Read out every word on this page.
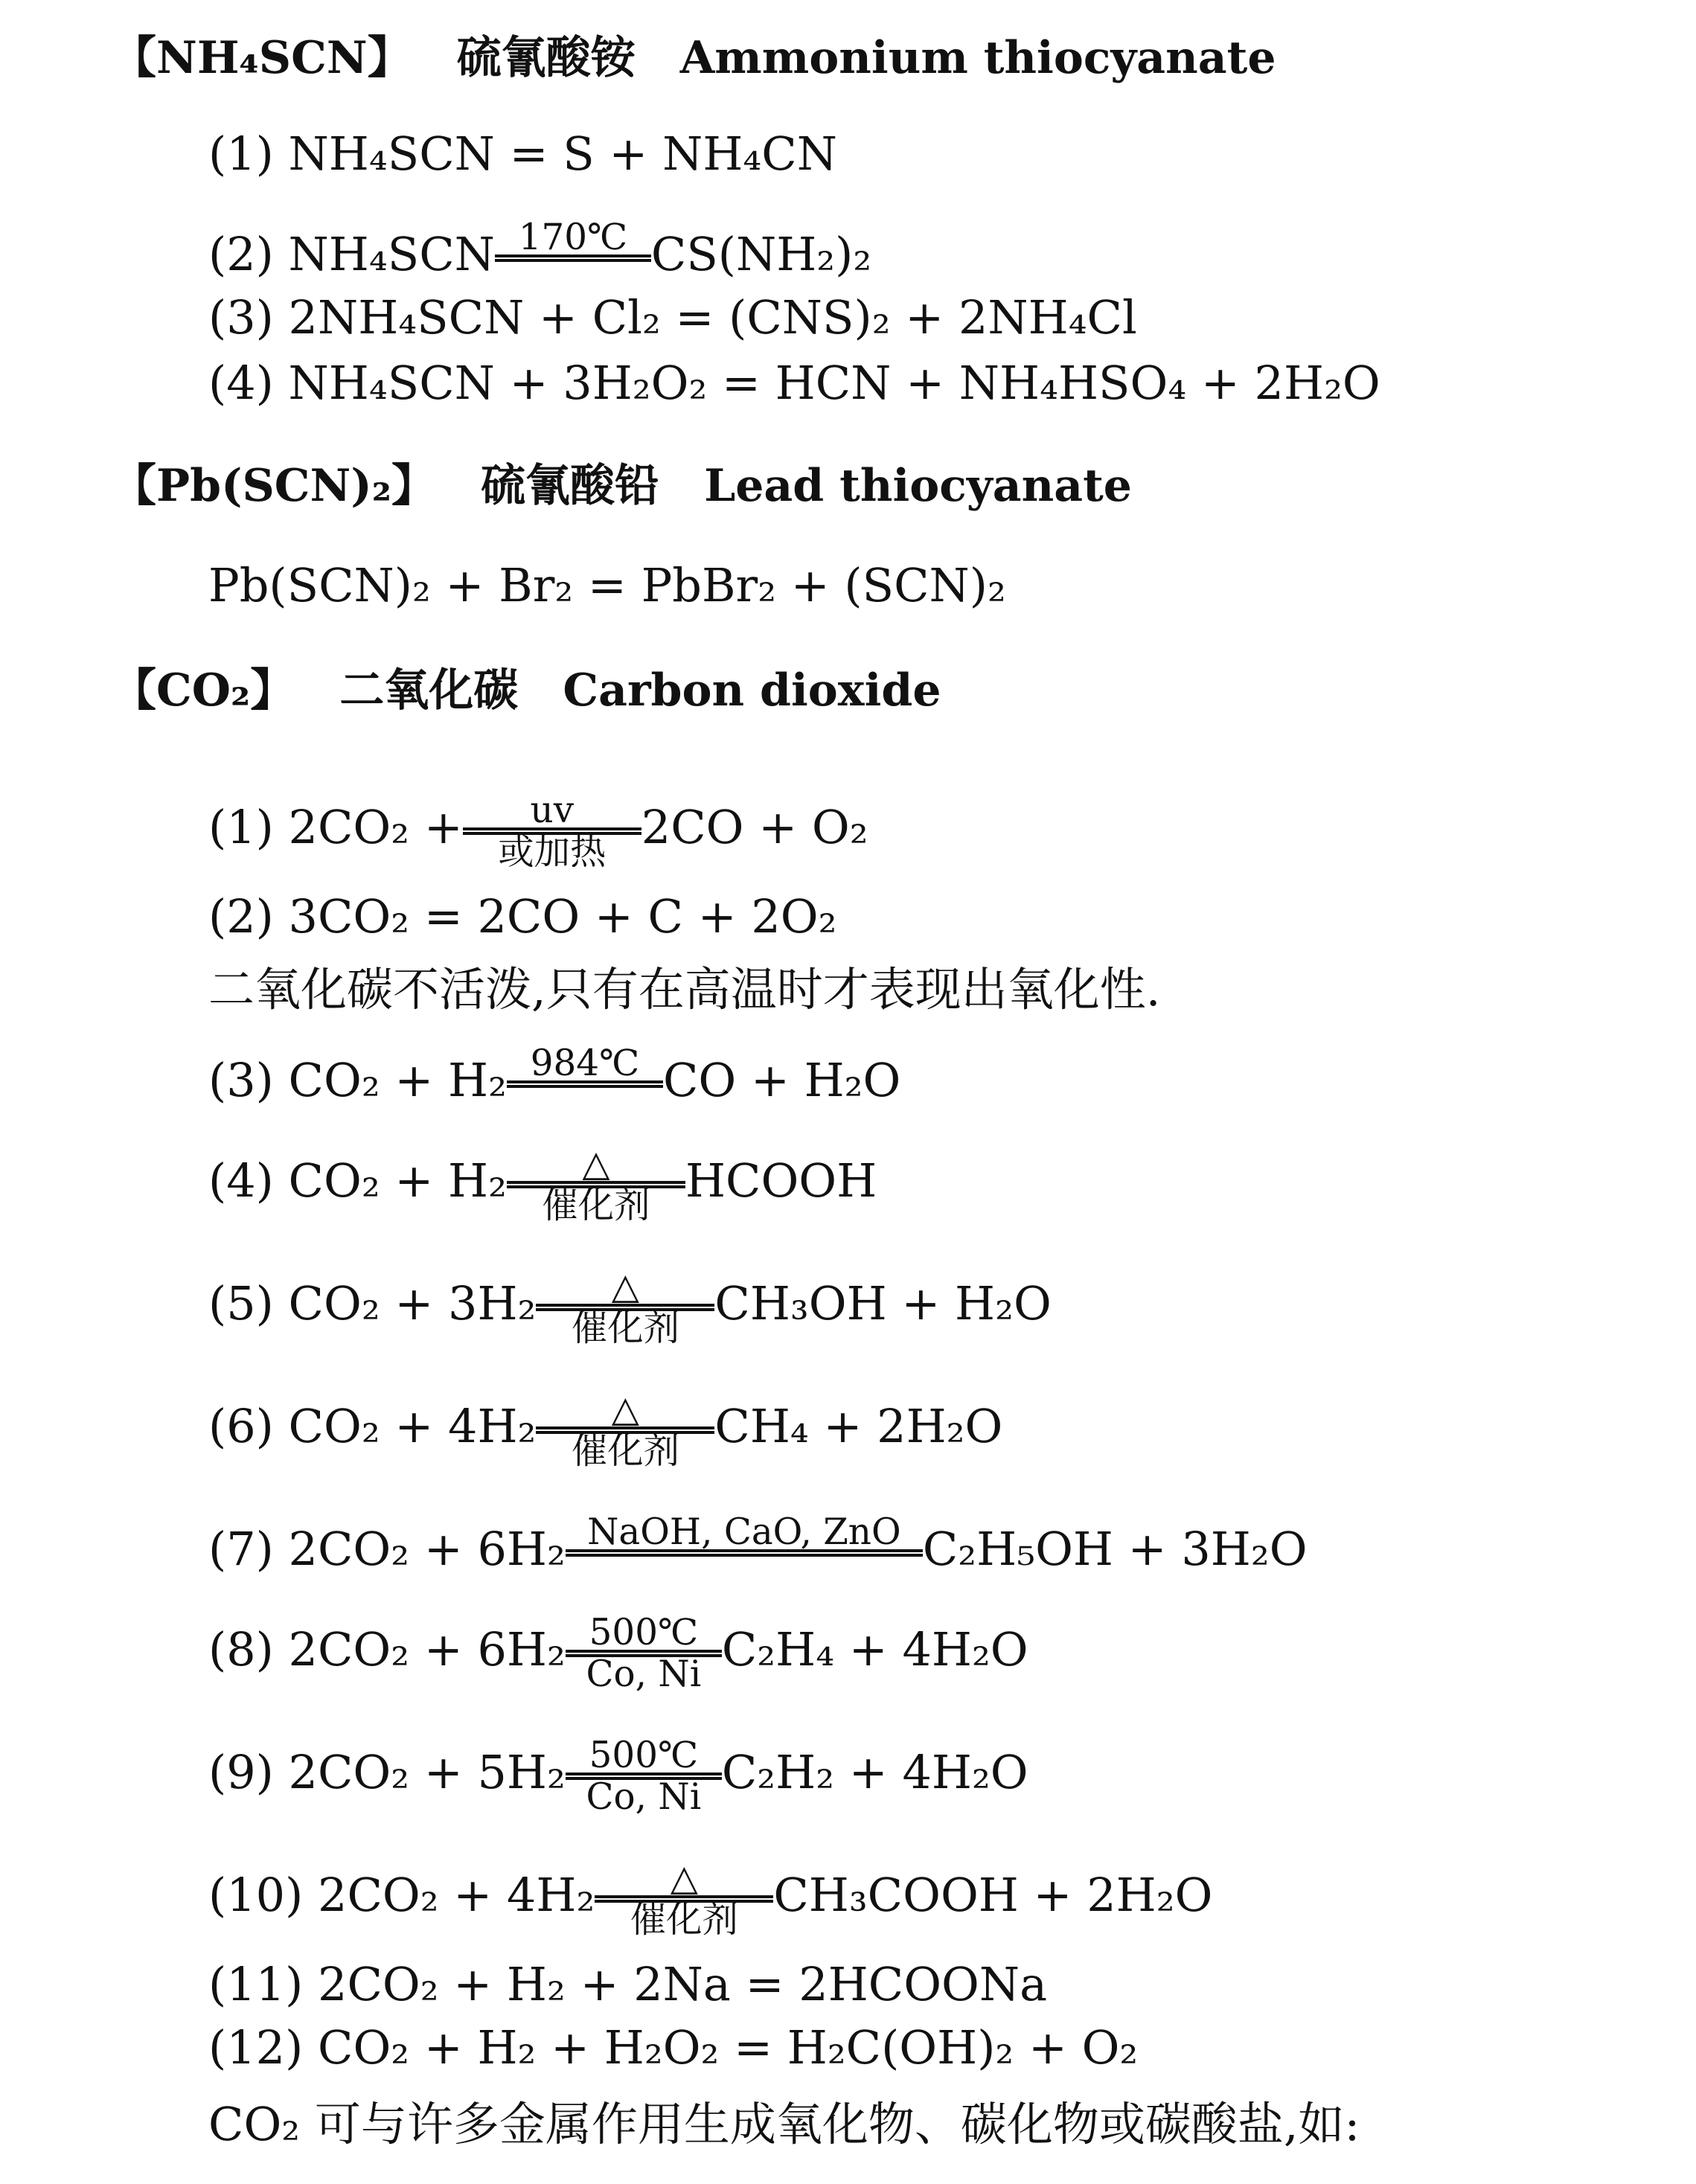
【NH₄SCN】 硫氰酸铵 Ammonium thiocyanate
(1) NH₄SCN = S + NH₄CN
(2) NH₄SCN 170℃ CS(NH₂)₂
(3) 2NH₄SCN + Cl₂ = (CNS)₂ + 2NH₄Cl
(4) NH₄SCN + 3H₂O₂ = HCN + NH₄HSO₄ + 2H₂O
【Pb(SCN)₂】 硫氰酸铅 Lead thiocyanate
Pb(SCN)₂ + Br₂ = PbBr₂ + (SCN)₂
【CO₂】 二氧化碳 Carbon dioxide
(1) 2CO₂ +	uv
或加热 2CO + O₂
(2) 3CO₂ = 2CO + C + 2O₂
二氧化碳不活泼,只有在高温时才表现出氧化性.
(3) CO₂ + H₂ 984℃ CO + H₂O
(4) CO₂ + H₂	△
催化剂 HCOOH
(5) CO₂ + 3H₂	△
催化剂 CH₃OH + H₂O
(6) CO₂ + 4H₂	△
催化剂 CH₄ + 2H₂O
(7) 2CO₂ + 6H₂ NaOH, CaO, ZnO C₂H₅OH + 3H₂O
(8) 2CO₂ + 6H₂ 500℃
Co, Ni C₂H₄ + 4H₂O
(9) 2CO₂ + 5H₂ 500℃
Co, Ni C₂H₂ + 4H₂O
(10) 2CO₂ + 4H₂	△
催化剂 CH₃COOH + 2H₂O
(11) 2CO₂ + H₂ + 2Na = 2HCOONa
(12) CO₂ + H₂ + H₂O₂ = H₂C(OH)₂ + O₂
CO₂ 可与许多金属作用生成氧化物、碳化物或碳酸盐,如:
